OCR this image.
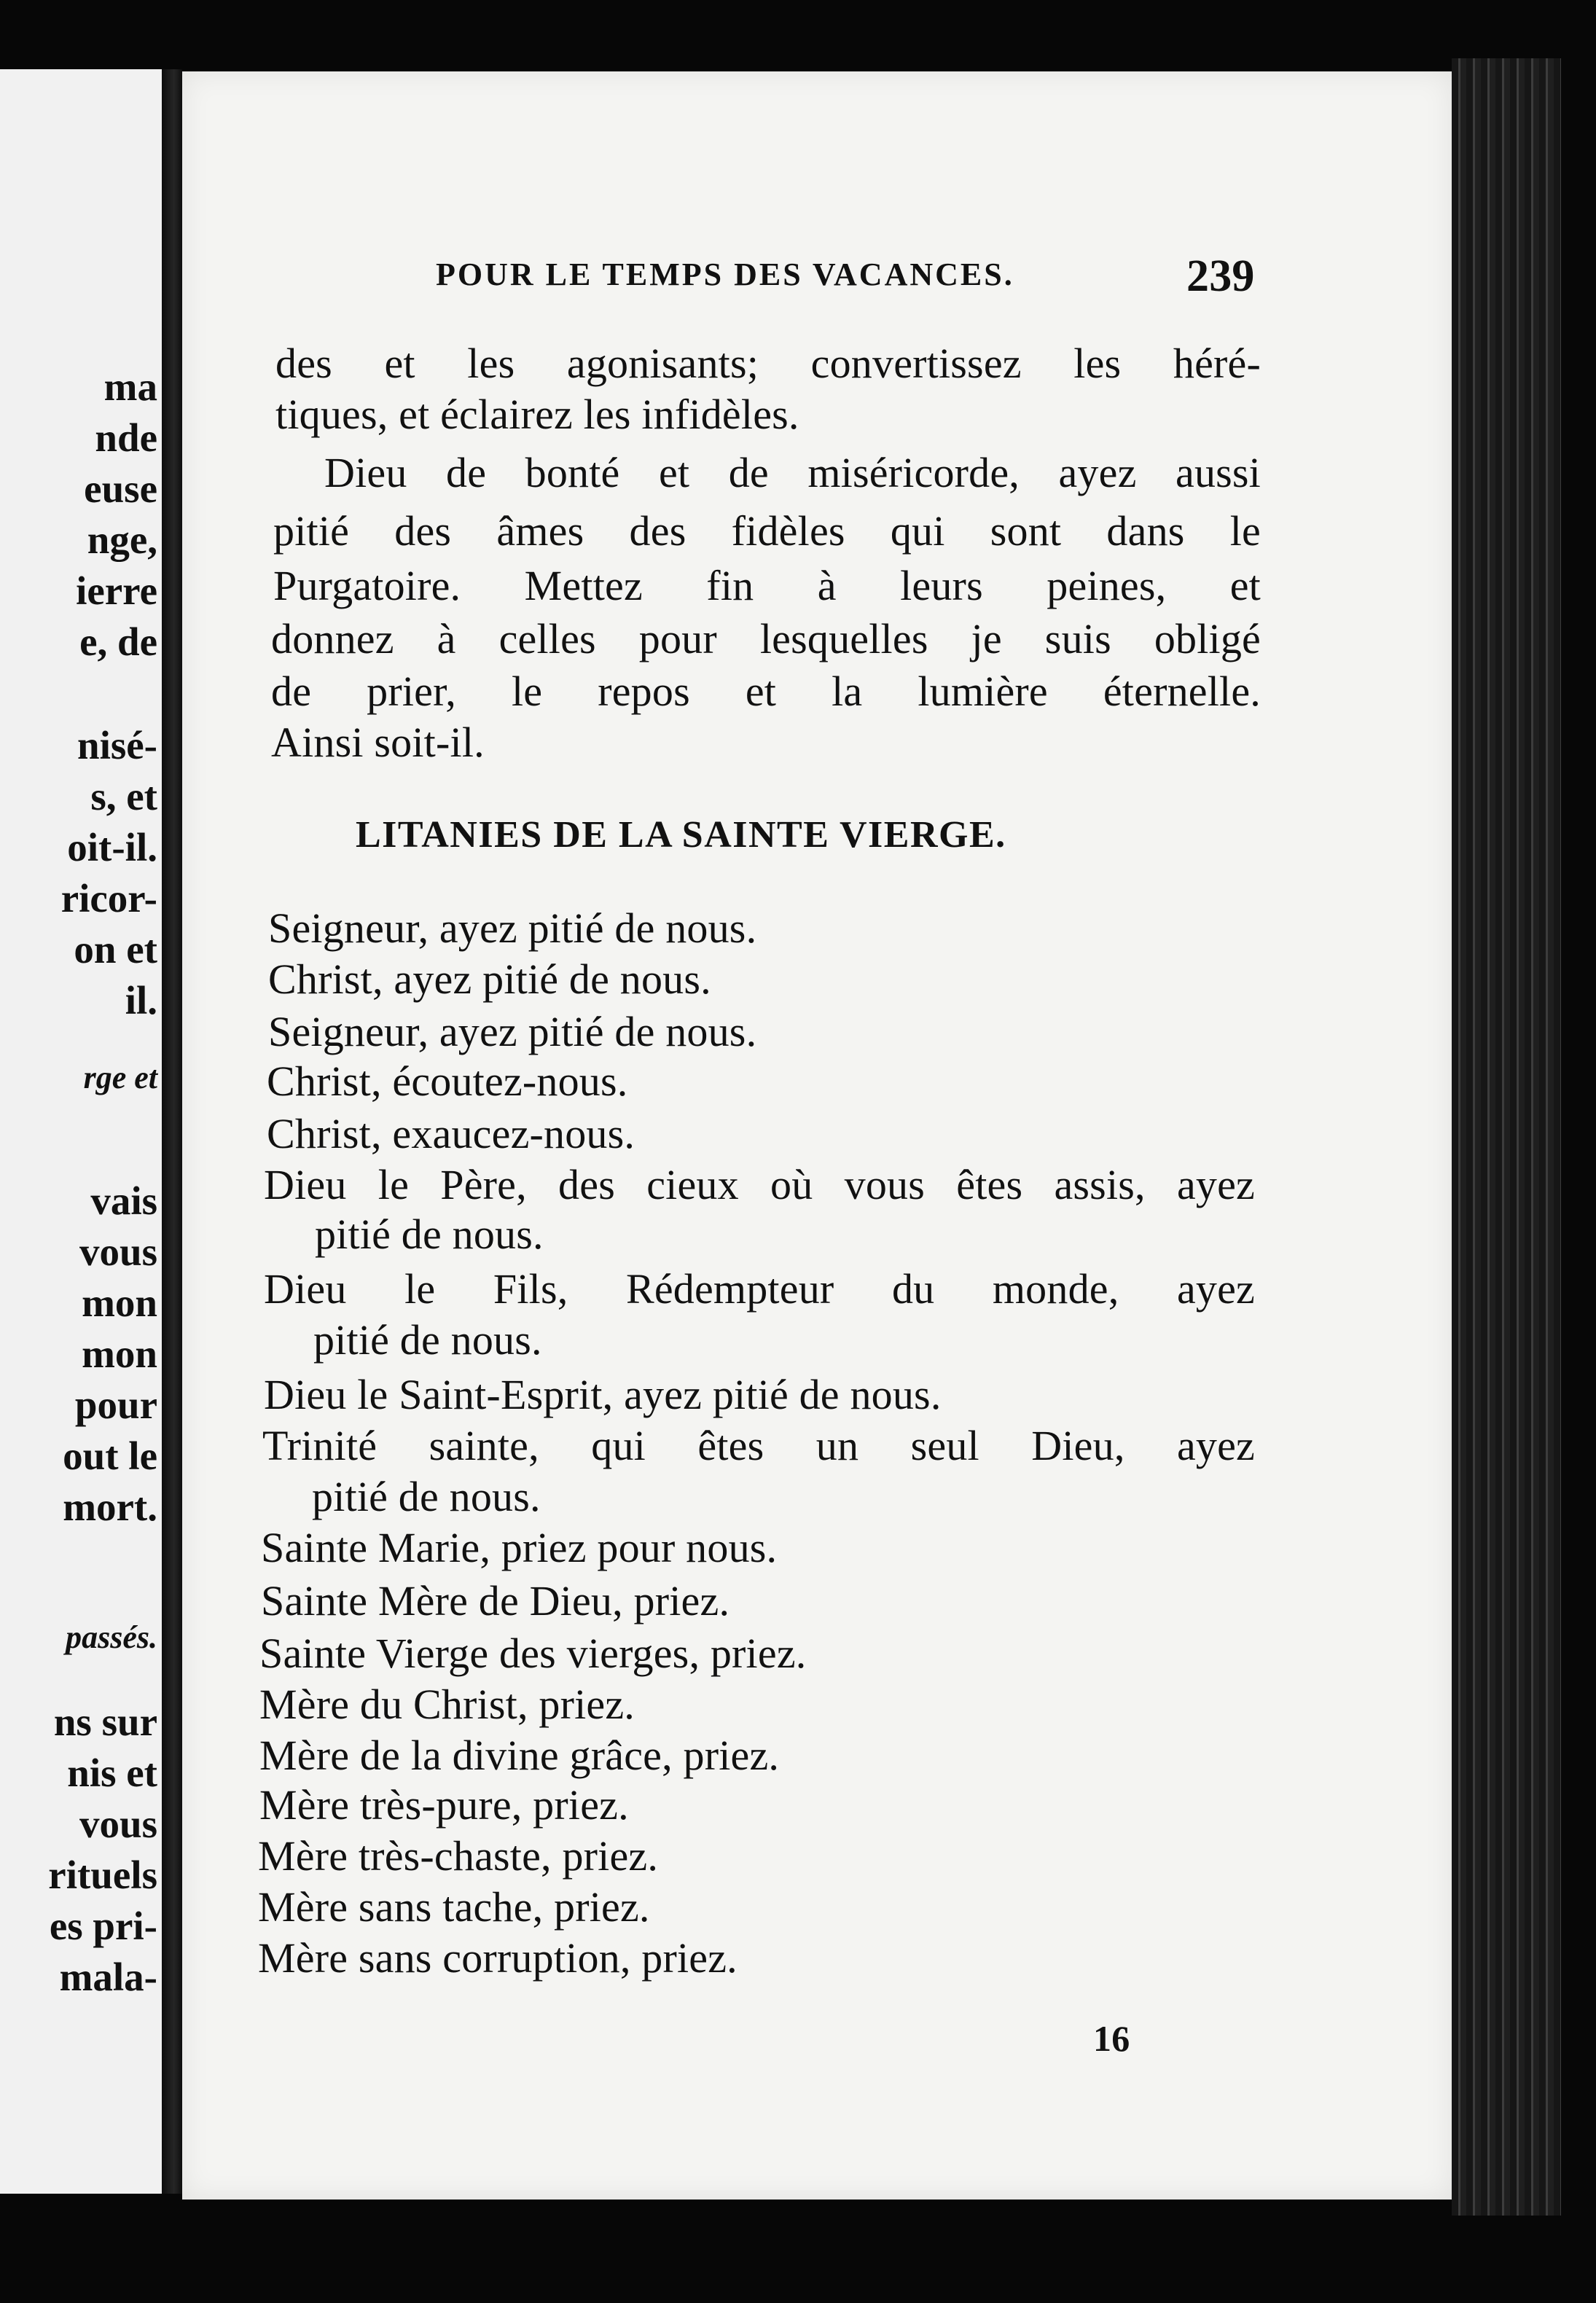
ma

nde

euse

nge,

ierre

e, de

nisé-

s, et

oit-il.

ricor-

on et

il.

rge et

vais

vous

mon

mon

pour

out le

mort.

passés.

ns sur

nis et

vous

rituels

es pri-

mala-

POUR LE TEMPS DES VACANCES.	239

des et les agonisants; convertissez les héré-

tiques, et éclairez les infidèles.

Dieu de bonté et de miséricorde, ayez aussi

pitié des âmes des fidèles qui sont dans le

Purgatoire. Mettez fin à leurs peines, et

donnez à celles pour lesquelles je suis obligé

de prier, le repos et la lumière éternelle.

Ainsi soit-il.

LITANIES DE LA SAINTE VIERGE.

Seigneur, ayez pitié de nous.

Christ, ayez pitié de nous.

Seigneur, ayez pitié de nous.

Christ, écoutez-nous.

Christ, exaucez-nous.

Dieu le Père, des cieux où vous êtes assis, ayez

pitié de nous.

Dieu le Fils, Rédempteur du monde, ayez

pitié de nous.

Dieu le Saint-Esprit, ayez pitié de nous.

Trinité sainte, qui êtes un seul Dieu, ayez

pitié de nous.

Sainte Marie, priez pour nous.

Sainte Mère de Dieu, priez.

Sainte Vierge des vierges, priez.

Mère du Christ, priez.

Mère de la divine grâce, priez.

Mère très-pure, priez.

Mère très-chaste, priez.

Mère sans tache, priez.

Mère sans corruption, priez.

16
